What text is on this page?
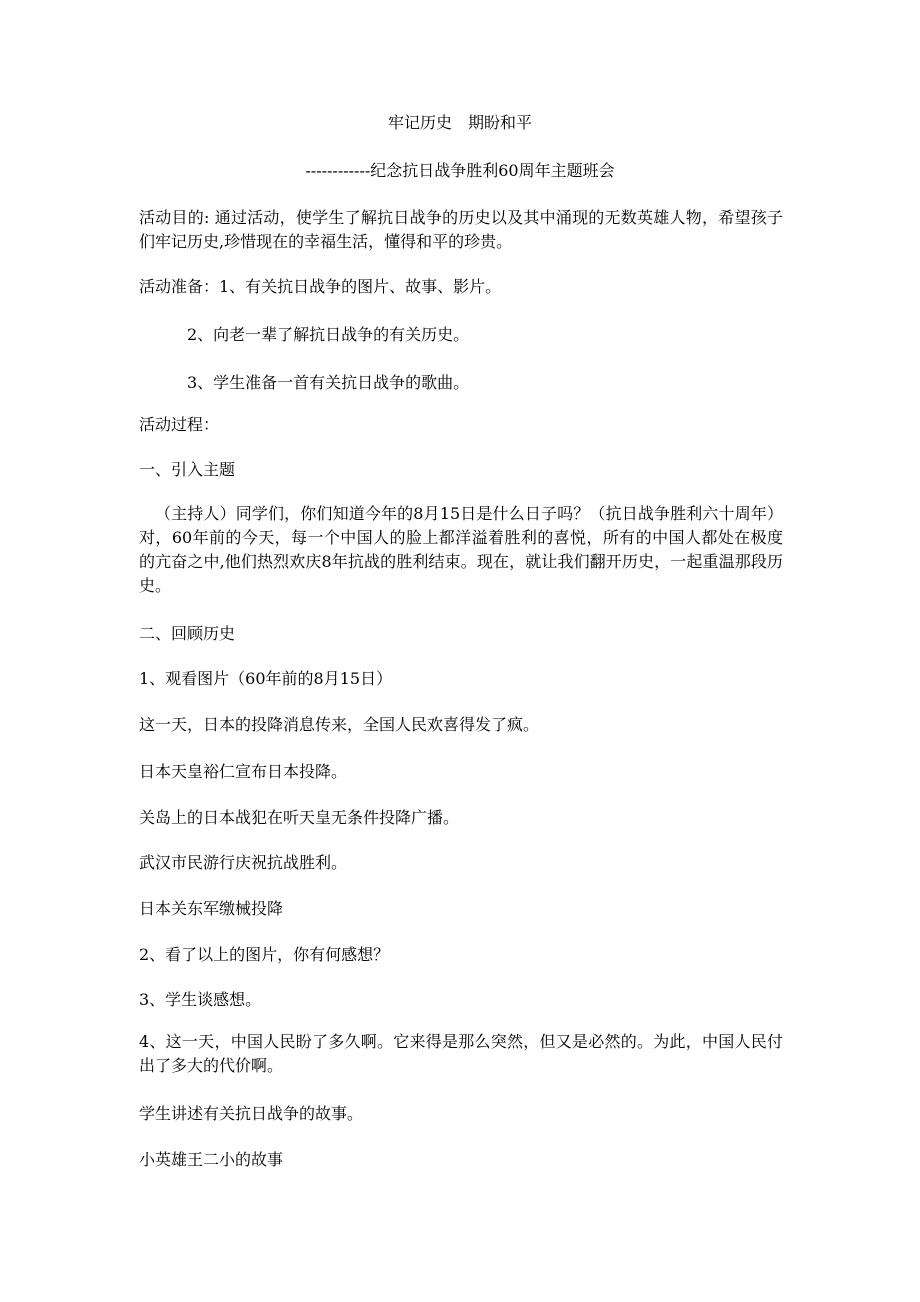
牢记历史　期盼和平

------------纪念抗日战争胜利60周年主题班会

活动目的: 通过活动，使学生了解抗日战争的历史以及其中涌现的无数英雄人物，希望孩子们牢记历史,珍惜现在的幸福生活，懂得和平的珍贵。

活动准备：1、有关抗日战争的图片、故事、影片。

2、向老一辈了解抗日战争的有关历史。

3、学生准备一首有关抗日战争的歌曲。

活动过程：

一、引入主题

（主持人）同学们，你们知道今年的8月15日是什么日子吗？（抗日战争胜利六十周年）对，60年前的今天，每一个中国人的脸上都洋溢着胜利的喜悦，所有的中国人都处在极度的亢奋之中,他们热烈欢庆8年抗战的胜利结束。现在，就让我们翻开历史，一起重温那段历史。

二、回顾历史

1、观看图片（60年前的8月15日）

这一天，日本的投降消息传来，全国人民欢喜得发了疯。

日本天皇裕仁宣布日本投降。

关岛上的日本战犯在听天皇无条件投降广播。

武汉市民游行庆祝抗战胜利。

日本关东军缴械投降

2、看了以上的图片，你有何感想？

3、学生谈感想。

4、这一天，中国人民盼了多久啊。它来得是那么突然，但又是必然的。为此，中国人民付出了多大的代价啊。

学生讲述有关抗日战争的故事。

小英雄王二小的故事
